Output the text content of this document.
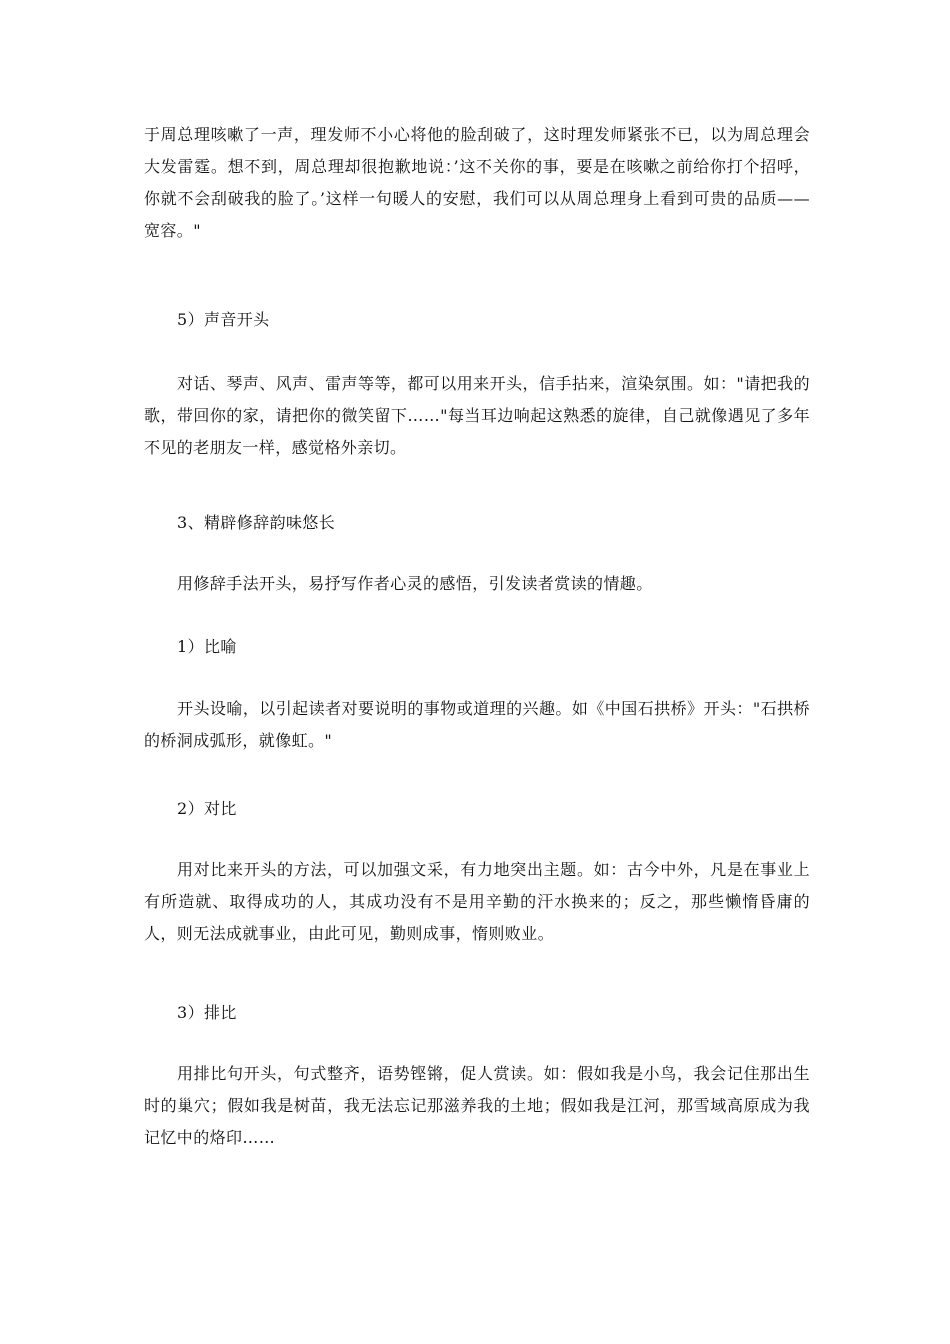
于周总理咳嗽了一声，理发师不小心将他的脸刮破了，这时理发师紧张不已，以为周总理会大发雷霆。想不到，周总理却很抱歉地说：’这不关你的事，要是在咳嗽之前给你打个招呼，你就不会刮破我的脸了。’这样一句暖人的安慰，我们可以从周总理身上看到可贵的品质——宽容。"
5）声音开头
对话、琴声、风声、雷声等等，都可以用来开头，信手拈来，渲染氛围。如："请把我的歌，带回你的家，请把你的微笑留下……"每当耳边响起这熟悉的旋律，自己就像遇见了多年不见的老朋友一样，感觉格外亲切。
3、精辟修辞韵味悠长
用修辞手法开头，易抒写作者心灵的感悟，引发读者赏读的情趣。
1）比喻
开头设喻，以引起读者对要说明的事物或道理的兴趣。如《中国石拱桥》开头："石拱桥的桥洞成弧形，就像虹。"
2）对比
用对比来开头的方法，可以加强文采，有力地突出主题。如：古今中外，凡是在事业上有所造就、取得成功的人，其成功没有不是用辛勤的汗水换来的；反之，那些懒惰昏庸的人，则无法成就事业，由此可见，勤则成事，惰则败业。
3）排比
用排比句开头，句式整齐，语势铿锵，促人赏读。如：假如我是小鸟，我会记住那出生时的巢穴；假如我是树苗，我无法忘记那滋养我的土地；假如我是江河，那雪域高原成为我记忆中的烙印……
